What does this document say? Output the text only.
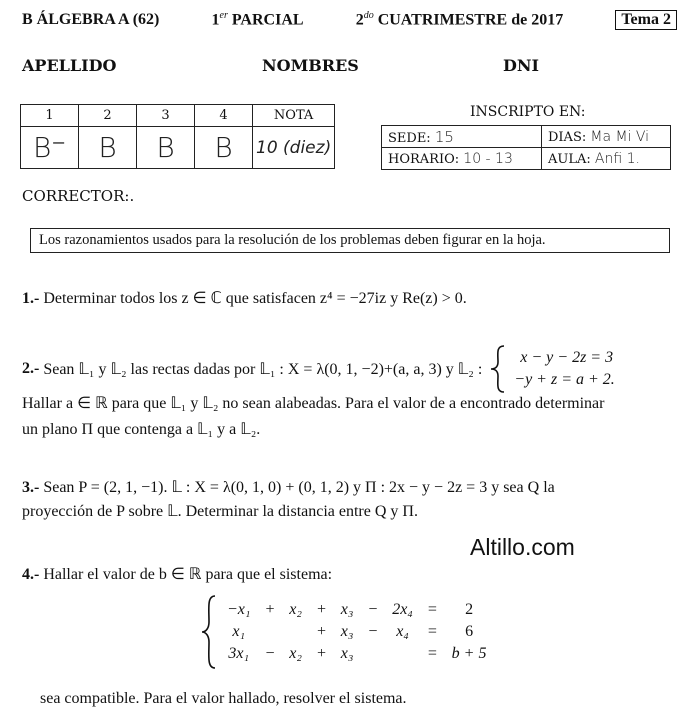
B ÁLGEBRA A (62)	1er PARCIAL	$2^{do}$ CUATRIMESTRE de 2017	Tema 2
APELLIDO	NOMBRES	DNI
1	2	3	4	NOTA
B⁻	B	B	B	10 (diez)
INSCRIPTO EN:
SEDE: 15	DIAS: Ma Mi Vi
HORARIO: 10 - 13	AULA: Anfi 1.
CORRECTOR:.
Los razonamientos usados para la resolución de los problemas deben figurar en la hoja.
1.- Determinar todos los z ∈ ℂ que satisfacen z⁴ = −27iz y Re(z) > 0.
2.-
Sean 𝕃₁ y 𝕃₂ las rectas dadas por 𝕃₁ : X = λ(0, 1, −2)+(a, a, 3) y 𝕃₂ :
x − y − 2z = 3
−y + z = a + 2.
Hallar a ∈ ℝ para que 𝕃₁ y 𝕃₂ no sean alabeadas. Para el valor de a encontrado determinar
un plano Π que contenga a 𝕃₁ y a 𝕃₂.
3.- Sean P = (2, 1, −1). 𝕃 : X = λ(0, 1, 0) + (0, 1, 2) y Π : 2x − y − 2z = 3 y sea Q la
proyección de P sobre 𝕃. Determinar la distancia entre Q y Π.
Altillo.com
4.- Hallar el valor de b ∈ ℝ para que el sistema:
−x₁	+	x₂	+	x₃	−	2x₄	=	2
x₁			+	x₃	−	x₄	=	6
3x₁	−	x₂	+	x₃			=	b + 5
sea compatible. Para el valor hallado, resolver el sistema.
